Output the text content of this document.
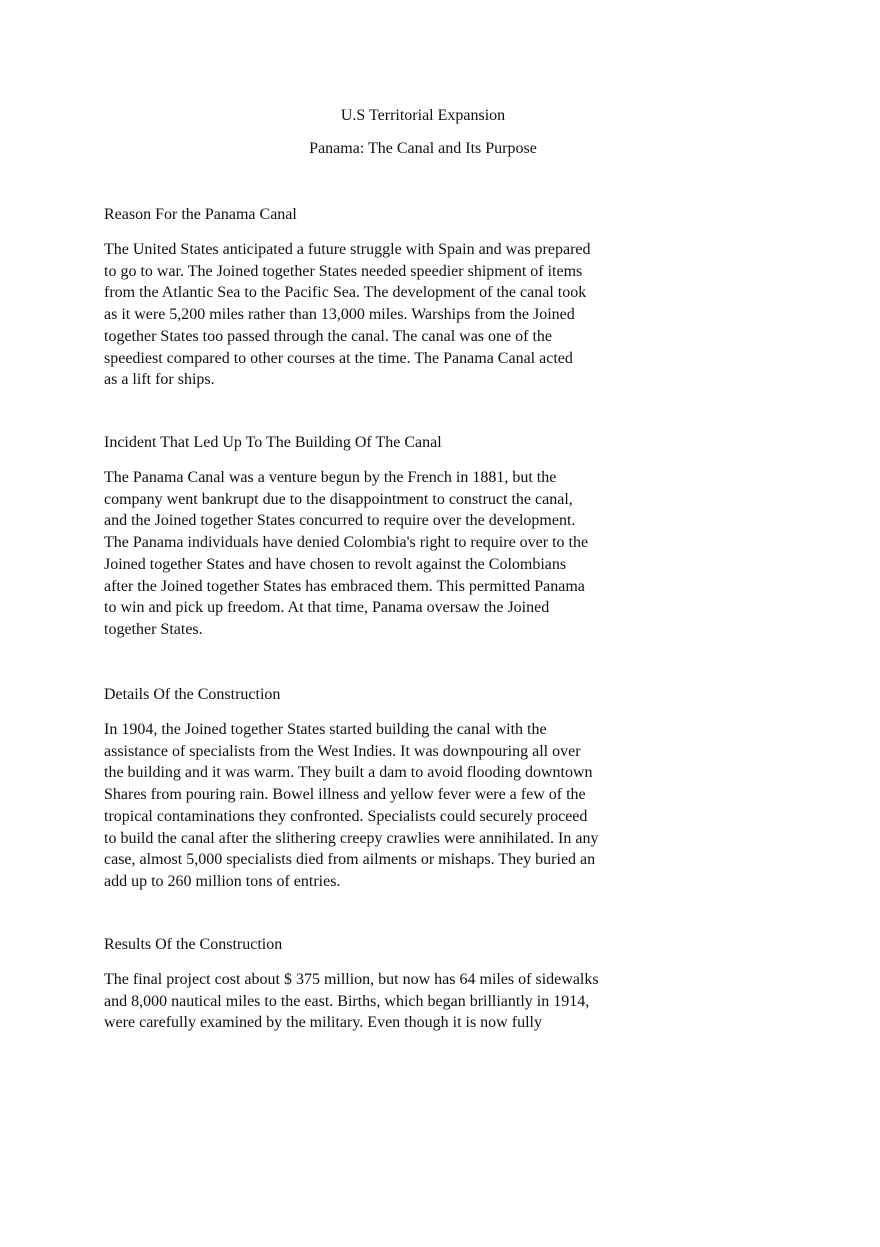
U.S Territorial Expansion
Panama: The Canal and Its Purpose
Reason For the Panama Canal
The United States anticipated a future struggle with Spain and was prepared
to go to war. The Joined together States needed speedier shipment of items
from the Atlantic Sea to the Pacific Sea. The development of the canal took
as it were 5,200 miles rather than 13,000 miles. Warships from the Joined
together States too passed through the canal. The canal was one of the
speediest compared to other courses at the time. The Panama Canal acted
as a lift for ships.
Incident That Led Up To The Building Of The Canal
The Panama Canal was a venture begun by the French in 1881, but the
company went bankrupt due to the disappointment to construct the canal,
and the Joined together States concurred to require over the development.
The Panama individuals have denied Colombia's right to require over to the
Joined together States and have chosen to revolt against the Colombians
after the Joined together States has embraced them. This permitted Panama
to win and pick up freedom. At that time, Panama oversaw the Joined
together States.
Details Of the Construction
In 1904, the Joined together States started building the canal with the
assistance of specialists from the West Indies. It was downpouring all over
the building and it was warm. They built a dam to avoid flooding downtown
Shares from pouring rain. Bowel illness and yellow fever were a few of the
tropical contaminations they confronted. Specialists could securely proceed
to build the canal after the slithering creepy crawlies were annihilated. In any
case, almost 5,000 specialists died from ailments or mishaps. They buried an
add up to 260 million tons of entries.
Results Of the Construction
The final project cost about $ 375 million, but now has 64 miles of sidewalks
and 8,000 nautical miles to the east. Births, which began brilliantly in 1914,
were carefully examined by the military. Even though it is now fully
